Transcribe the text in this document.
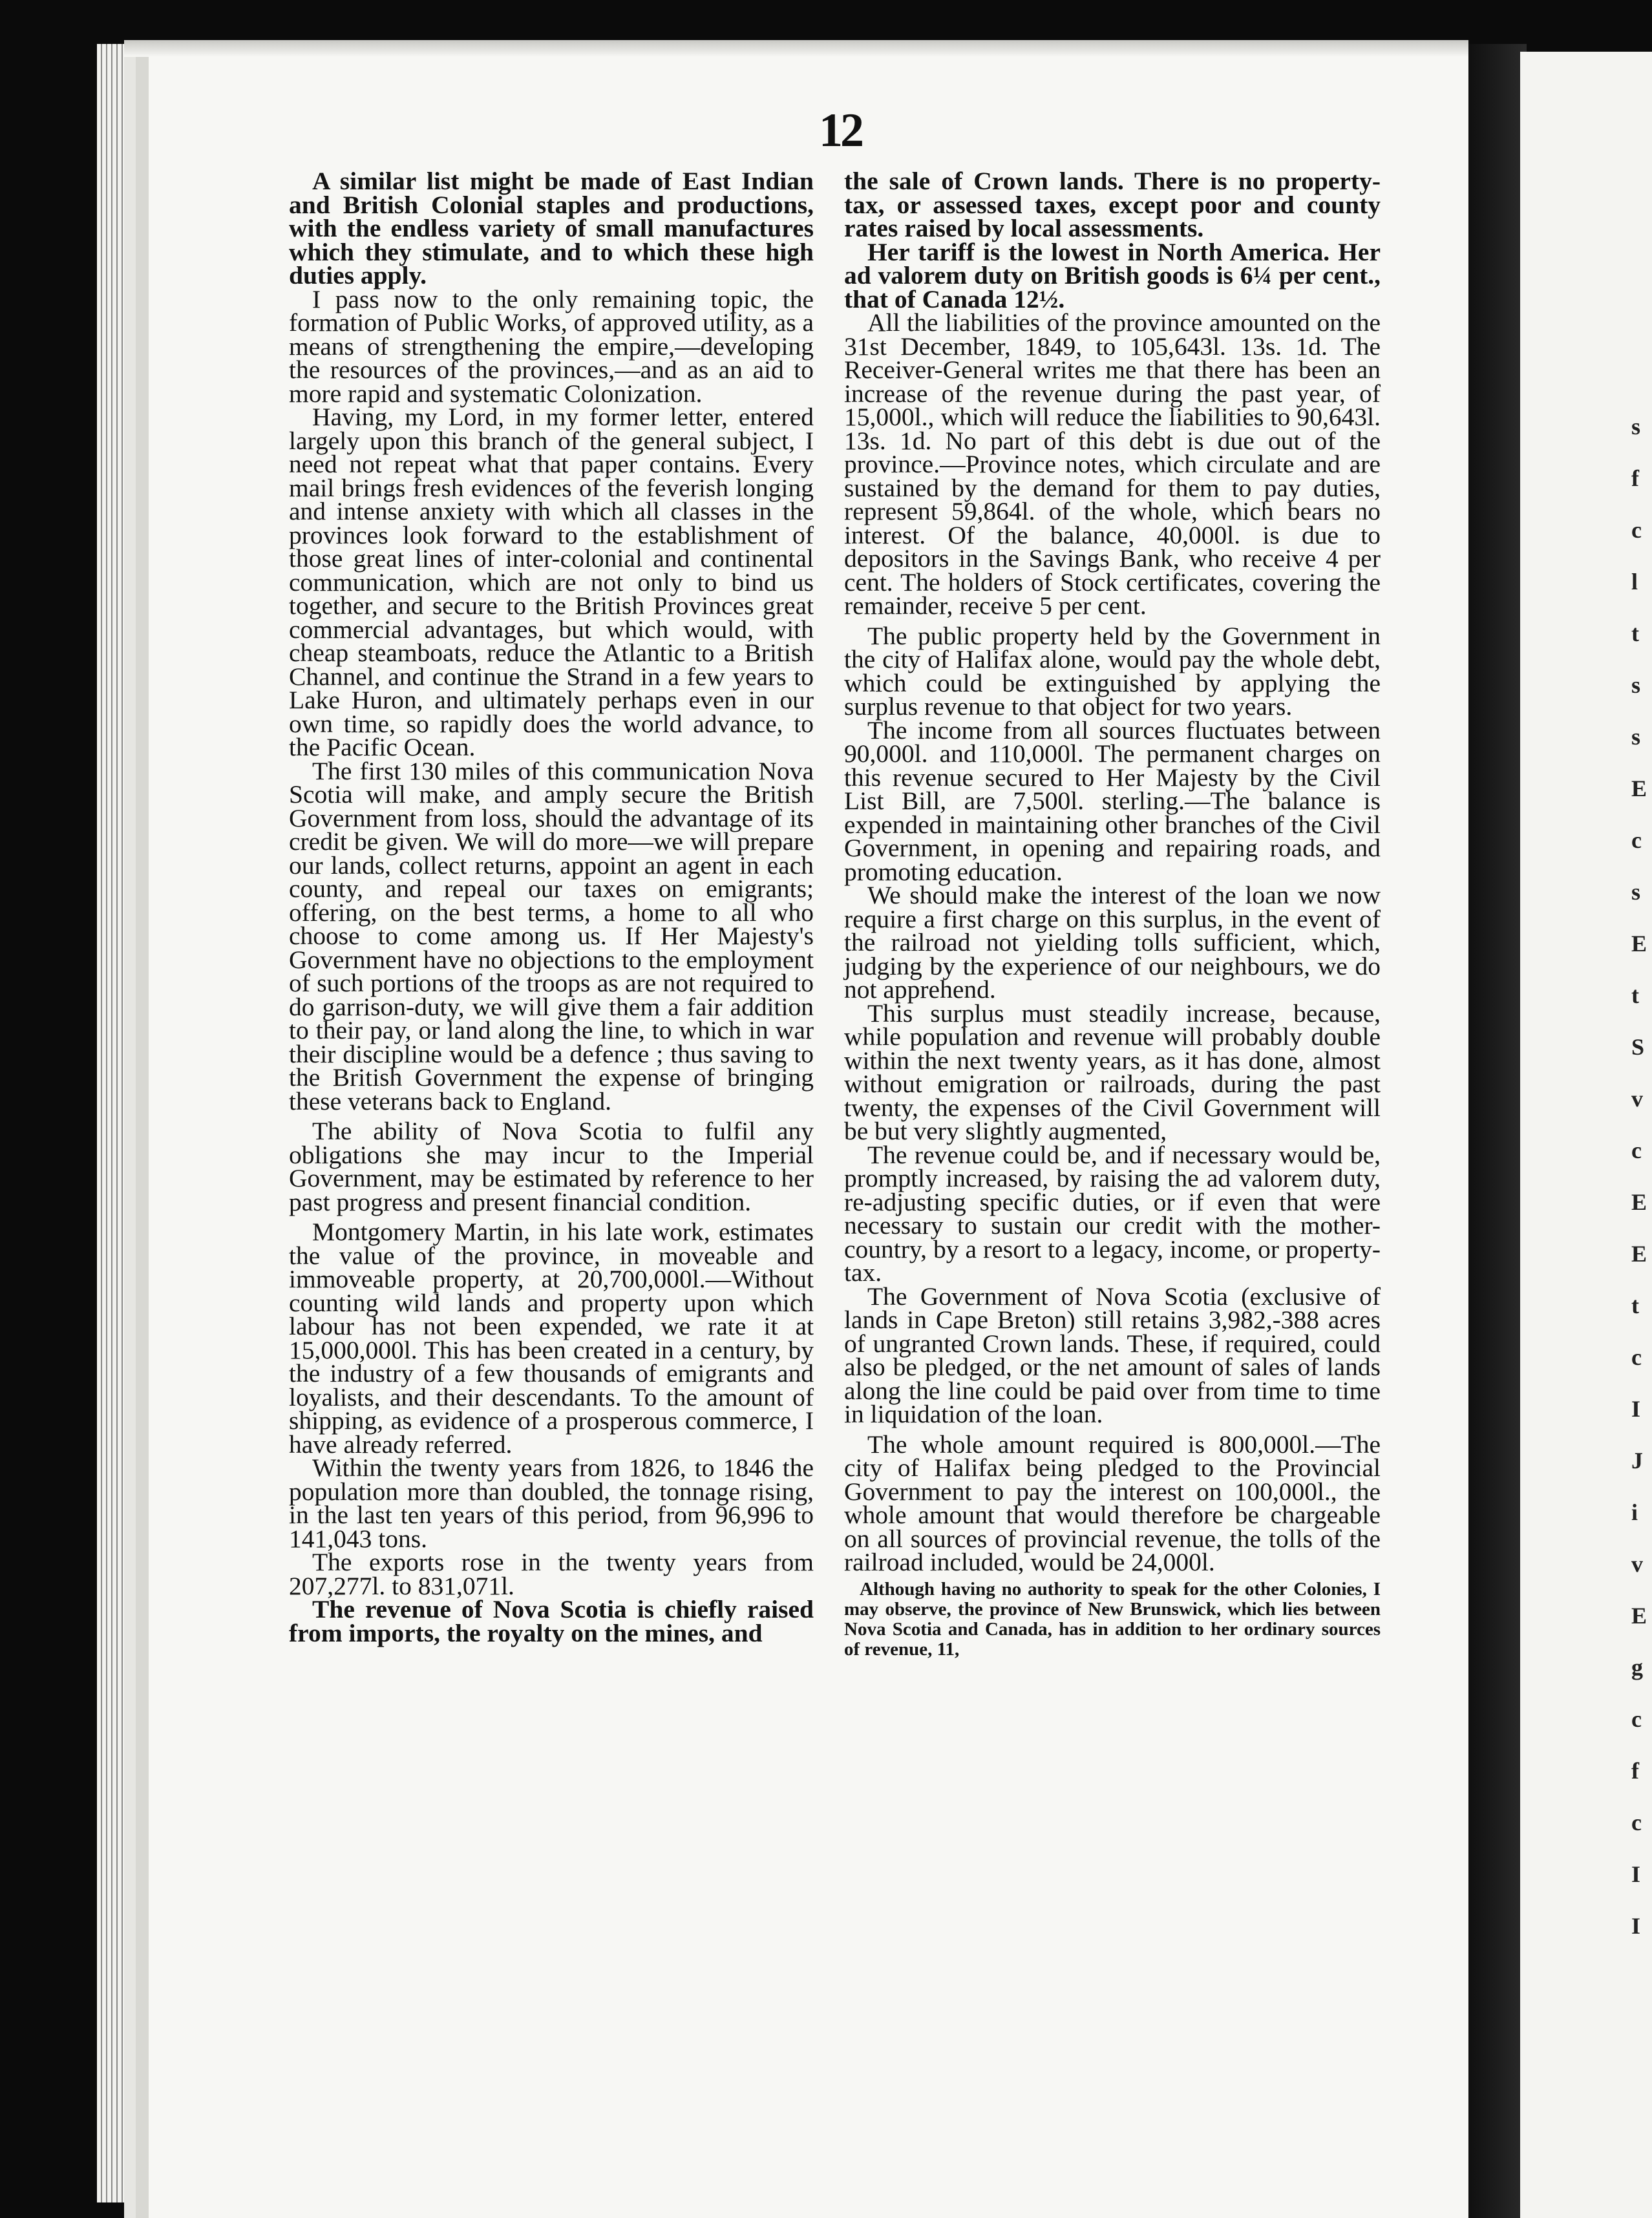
s
f
c
l
t
s
s
E
c
s
E
t
S
v
c
E
E
t
c
I
J
i
v
E
g
c
f
c
I
I
12

A similar list might be made of East Indian and British Colonial staples and productions, with the endless variety of small manufactures which they stimulate, and to which these high duties apply.

I pass now to the only remaining topic, the formation of Public Works, of approved utility, as a means of strengthening the empire,—developing the resources of the provinces,—and as an aid to more rapid and systematic Colonization.

Having, my Lord, in my former letter, entered largely upon this branch of the general subject, I need not repeat what that paper contains. Every mail brings fresh evidences of the feverish longing and intense anxiety with which all classes in the provinces look forward to the establishment of those great lines of inter-colonial and continental communication, which are not only to bind us together, and secure to the British Provinces great commercial advantages, but which would, with cheap steamboats, reduce the Atlantic to a British Channel, and continue the Strand in a few years to Lake Huron, and ultimately perhaps even in our own time, so rapidly does the world advance, to the Pacific Ocean.

The first 130 miles of this communication Nova Scotia will make, and amply secure the British Government from loss, should the advantage of its credit be given. We will do more—we will prepare our lands, collect returns, appoint an agent in each county, and repeal our taxes on emigrants; offering, on the best terms, a home to all who choose to come among us. If Her Majesty's Government have no objections to the employment of such portions of the troops as are not required to do garrison-duty, we will give them a fair addition to their pay, or land along the line, to which in war their discipline would be a defence ; thus saving to the British Government the expense of bringing these veterans back to England.

The ability of Nova Scotia to fulfil any obligations she may incur to the Imperial Government, may be estimated by reference to her past progress and present financial condition.

Montgomery Martin, in his late work, estimates the value of the province, in moveable and immoveable property, at 20,700,000l.—Without counting wild lands and property upon which labour has not been expended, we rate it at 15,000,000l. This has been created in a century, by the industry of a few thousands of emigrants and loyalists, and their descendants. To the amount of shipping, as evidence of a prosperous commerce, I have already referred.

Within the twenty years from 1826, to 1846 the population more than doubled, the tonnage rising, in the last ten years of this period, from 96,996 to 141,043 tons.

The exports rose in the twenty years from 207,277l. to 831,071l.

The revenue of Nova Scotia is chiefly raised from imports, the royalty on the mines, and

the sale of Crown lands. There is no property-tax, or assessed taxes, except poor and county rates raised by local assessments.

Her tariff is the lowest in North America. Her ad valorem duty on British goods is 6¼ per cent., that of Canada 12½.

All the liabilities of the province amounted on the 31st December, 1849, to 105,643l. 13s. 1d. The Receiver-General writes me that there has been an increase of the revenue during the past year, of 15,000l., which will reduce the liabilities to 90,643l. 13s. 1d. No part of this debt is due out of the province.—Province notes, which circulate and are sustained by the demand for them to pay duties, represent 59,864l. of the whole, which bears no interest. Of the balance, 40,000l. is due to depositors in the Savings Bank, who receive 4 per cent. The holders of Stock certificates, covering the remainder, receive 5 per cent.

The public property held by the Government in the city of Halifax alone, would pay the whole debt, which could be extinguished by applying the surplus revenue to that object for two years.

The income from all sources fluctuates between 90,000l. and 110,000l. The permanent charges on this revenue secured to Her Majesty by the Civil List Bill, are 7,500l. sterling.—The balance is expended in maintaining other branches of the Civil Government, in opening and repairing roads, and promoting education.

We should make the interest of the loan we now require a first charge on this surplus, in the event of the railroad not yielding tolls sufficient, which, judging by the experience of our neighbours, we do not apprehend.

This surplus must steadily increase, because, while population and revenue will probably double within the next twenty years, as it has done, almost without emigration or railroads, during the past twenty, the expenses of the Civil Government will be but very slightly augmented,

The revenue could be, and if necessary would be, promptly increased, by raising the ad valorem duty, re-adjusting specific duties, or if even that were necessary to sustain our credit with the mother-country, by a resort to a legacy, income, or property-tax.

The Government of Nova Scotia (exclusive of lands in Cape Breton) still retains 3,982,-388 acres of ungranted Crown lands. These, if required, could also be pledged, or the net amount of sales of lands along the line could be paid over from time to time in liquidation of the loan.

The whole amount required is 800,000l.—The city of Halifax being pledged to the Provincial Government to pay the interest on 100,000l., the whole amount that would therefore be chargeable on all sources of provincial revenue, the tolls of the railroad included, would be 24,000l.

Although having no authority to speak for the other Colonies, I may observe, the province of New Brunswick, which lies between Nova Scotia and Canada, has in addition to her ordinary sources of revenue, 11,
